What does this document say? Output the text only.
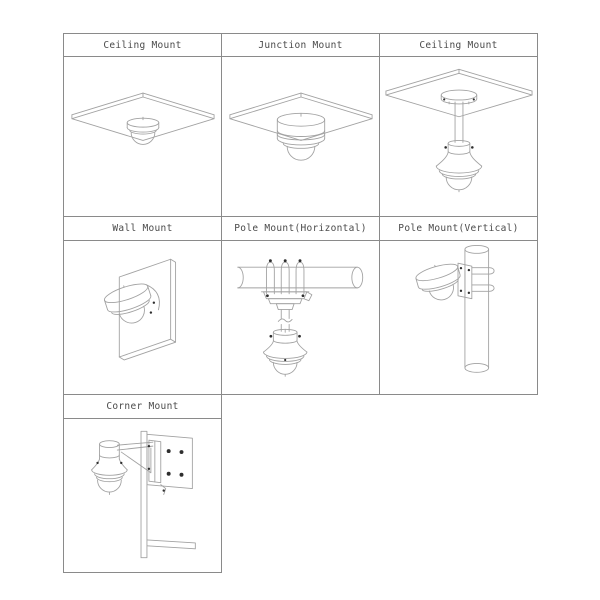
Ceiling Mount	Junction Mount	Ceiling Mount
Wall Mount	Pole Mount(Horizontal)	Pole Mount(Vertical)
Corner Mount
